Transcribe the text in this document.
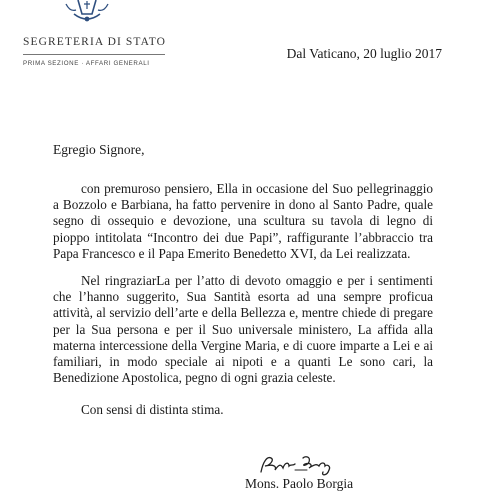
SEGRETERIA DI STATO
PRIMA SEZIONE · AFFARI GENERALI
Dal Vaticano, 20 luglio 2017
Egregio Signore,

con premuroso pensiero, Ella in occasione del Suo pellegrinaggio a Bozzolo e Barbiana, ha fatto pervenire in dono al Santo Padre, quale segno di ossequio e devozione, una scultura su tavola di legno di pioppo intitolata “Incontro dei due Papi”, raffigurante l’abbraccio tra Papa Francesco e il Papa Emerito Benedetto XVI, da Lei realizzata.

Nel ringraziarLa per l’atto di devoto omaggio e per i sentimenti che l’hanno suggerito, Sua Santità esorta ad una sempre proficua attività, al servizio dell’arte e della Bellezza e, mentre chiede di pregare per la Sua persona e per il Suo universale ministero, La affida alla materna intercessione della Vergine Maria, e di cuore imparte a Lei e ai familiari, in modo speciale ai nipoti e a quanti Le sono cari, la Benedizione Apostolica, pegno di ogni grazia celeste.

Con sensi di distinta stima.

Mons. Paolo Borgia
